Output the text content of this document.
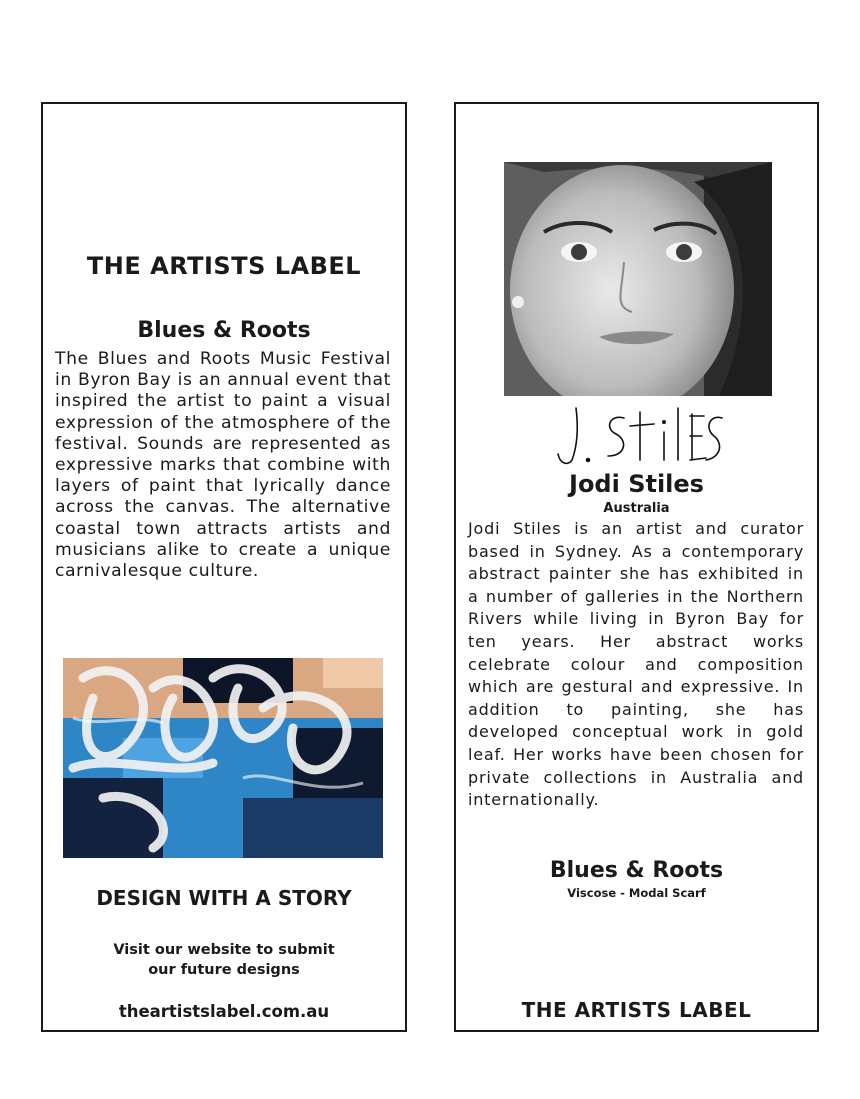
THE ARTISTS LABEL
Blues & Roots
The Blues and Roots Music Festival in Byron Bay is an annual event that inspired the artist to paint a visual expression of the atmosphere of the festival. Sounds are represented as expressive marks that combine with layers of paint that lyrically dance across the canvas. The alternative coastal town attracts artists and musicians alike to create a unique carnivalesque culture.
DESIGN WITH A STORY
Visit our website to submit
our future designs
theartistslabel.com.au
Jodi Stiles
Australia
Jodi Stiles is an artist and curator based in Sydney. As a contemporary abstract painter she has exhibited in a number of galleries in the Northern Rivers while living in Byron Bay for ten years. Her abstract works celebrate colour and composition which are gestural and expressive. In addition to painting, she has developed conceptual work in gold leaf. Her works have been chosen for private collections in Australia and internationally.
Blues & Roots
Viscose - Modal Scarf
THE ARTISTS LABEL
